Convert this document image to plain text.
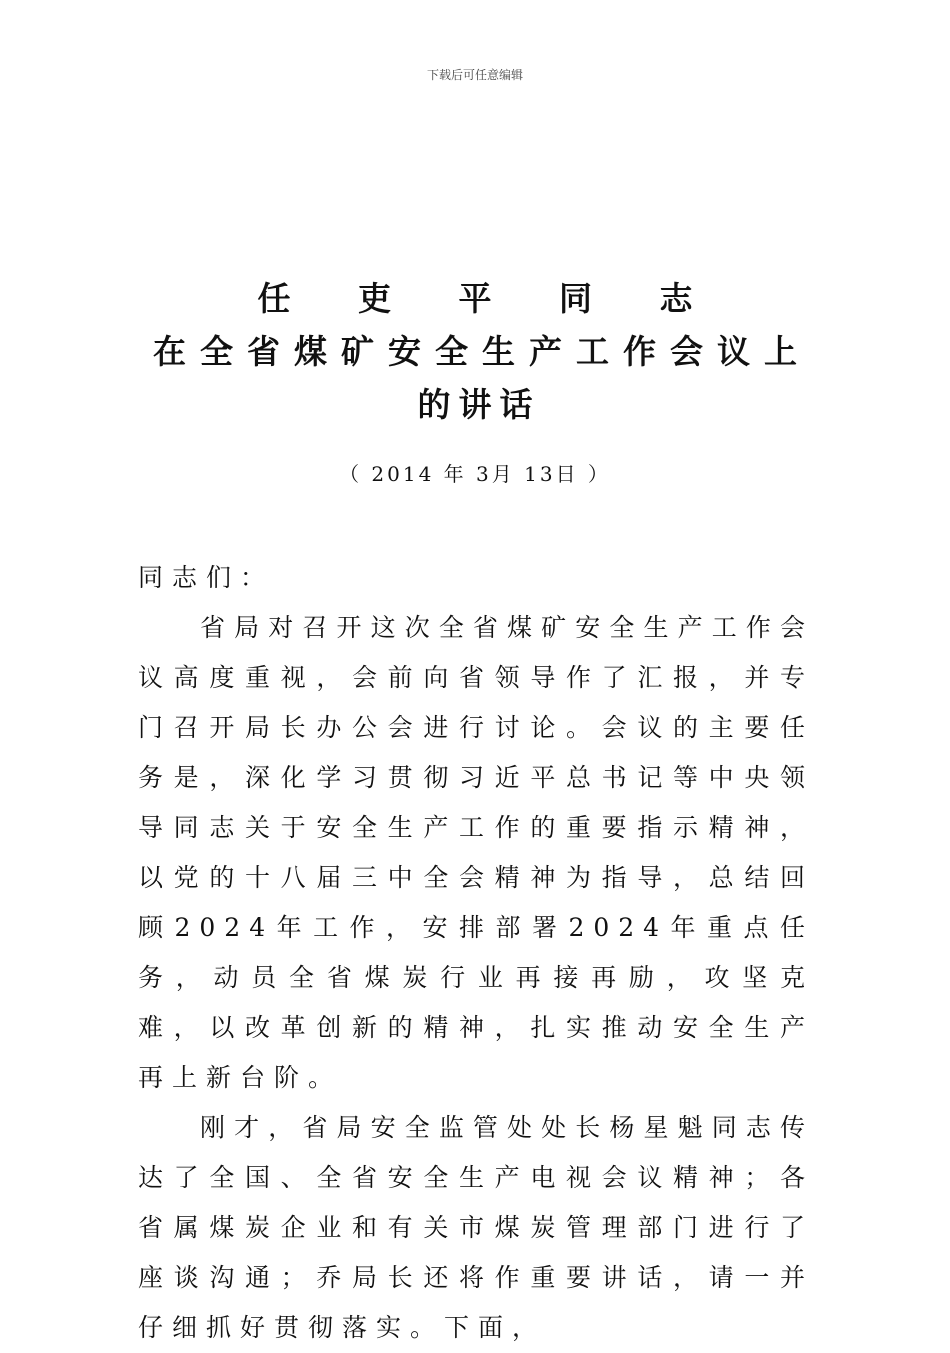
下载后可任意编辑
任 吏 平 同 志
在全省煤矿安全生产工作会议上
的讲话
（ 2014 年 3月 13日 ）

同志们：

省局对召开这次全省煤矿安全生产工作会议高度重视，会前向省领导作了汇报，并专门召开局长办公会进行讨论。会议的主要任务是，深化学习贯彻习近平总书记等中央领导同志关于安全生产工作的重要指示精神，以党的十八届三中全会精神为指导，总结回顾2024年工作，安排部署2024年重点任务，动员全省煤炭行业再接再励，攻坚克难，以改革创新的精神，扎实推动安全生产再上新台阶。

刚才，省局安全监管处处长杨星魁同志传达了全国、全省安全生产电视会议精神；各省属煤炭企业和有关市煤炭管理部门进行了座谈沟通；乔局长还将作重要讲话，请一并仔细抓好贯彻落实。下面，
